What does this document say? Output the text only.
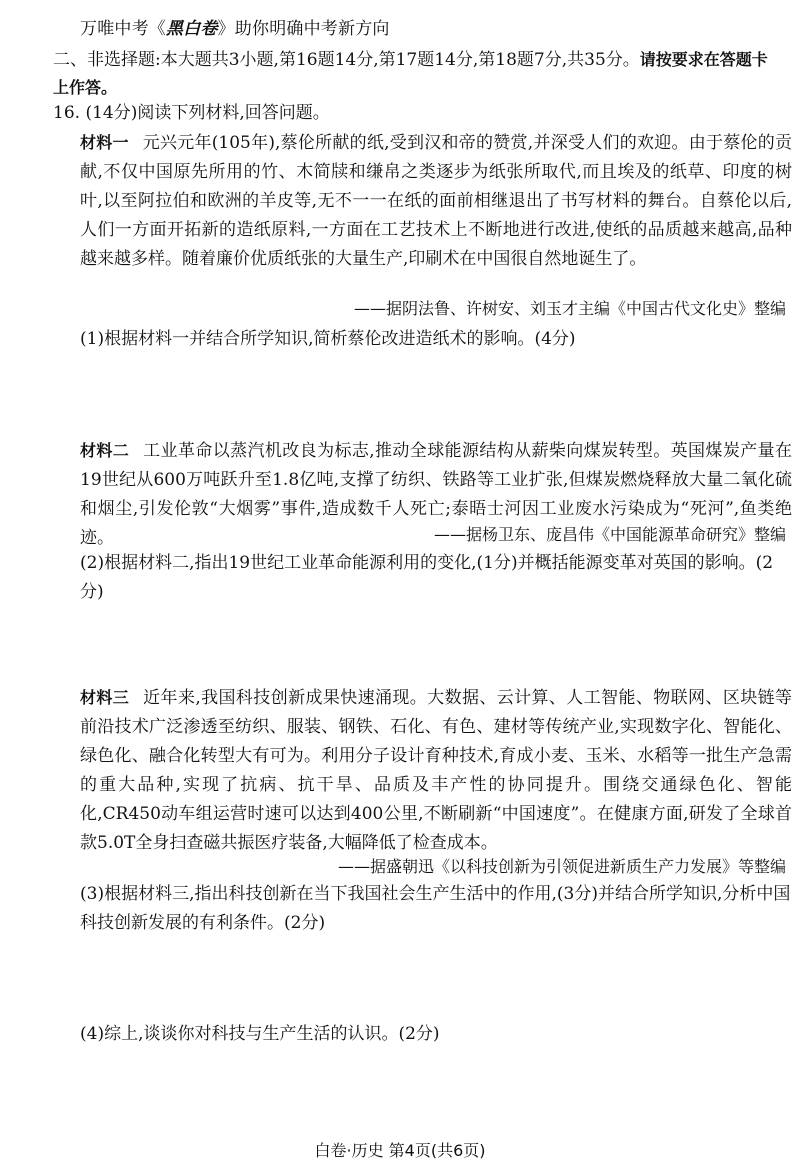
万唯中考《黑白卷》助你明确中考新方向
二、非选择题:本大题共3小题,第16题14分,第17题14分,第18题7分,共35分。请按要求在答题卡上作答。
16. (14分)阅读下列材料,回答问题。
材料一 元兴元年(105年),蔡伦所献的纸,受到汉和帝的赞赏,并深受人们的欢迎。由于蔡伦的贡献,不仅中国原先所用的竹、木简牍和缣帛之类逐步为纸张所取代,而且埃及的纸草、印度的树叶,以至阿拉伯和欧洲的羊皮等,无不一一在纸的面前相继退出了书写材料的舞台。自蔡伦以后,人们一方面开拓新的造纸原料,一方面在工艺技术上不断地进行改进,使纸的品质越来越高,品种越来越多样。随着廉价优质纸张的大量生产,印刷术在中国很自然地诞生了。
——据阴法鲁、许树安、刘玉才主编《中国古代文化史》整编
(1)根据材料一并结合所学知识,简析蔡伦改进造纸术的影响。(4分)
材料二 工业革命以蒸汽机改良为标志,推动全球能源结构从薪柴向煤炭转型。英国煤炭产量在19世纪从600万吨跃升至1.8亿吨,支撑了纺织、铁路等工业扩张,但煤炭燃烧释放大量二氧化硫和烟尘,引发伦敦“大烟雾”事件,造成数千人死亡;泰晤士河因工业废水污染成为“死河”,鱼类绝迹。	——据杨卫东、庞昌伟《中国能源革命研究》整编
(2)根据材料二,指出19世纪工业革命能源利用的变化,(1分)并概括能源变革对英国的影响。(2分)
材料三 近年来,我国科技创新成果快速涌现。大数据、云计算、人工智能、物联网、区块链等前沿技术广泛渗透至纺织、服装、钢铁、石化、有色、建材等传统产业,实现数字化、智能化、绿色化、融合化转型大有可为。利用分子设计育种技术,育成小麦、玉米、水稻等一批生产急需的重大品种,实现了抗病、抗干旱、品质及丰产性的协同提升。围绕交通绿色化、智能化,CR450动车组运营时速可以达到400公里,不断刷新“中国速度”。在健康方面,研发了全球首款5.0T全身扫查磁共振医疗装备,大幅降低了检查成本。
——据盛朝迅《以科技创新为引领促进新质生产力发展》等整编
(3)根据材料三,指出科技创新在当下我国社会生产生活中的作用,(3分)并结合所学知识,分析中国科技创新发展的有利条件。(2分)
(4)综上,谈谈你对科技与生产生活的认识。(2分)
白卷·历史 第4页(共6页)
